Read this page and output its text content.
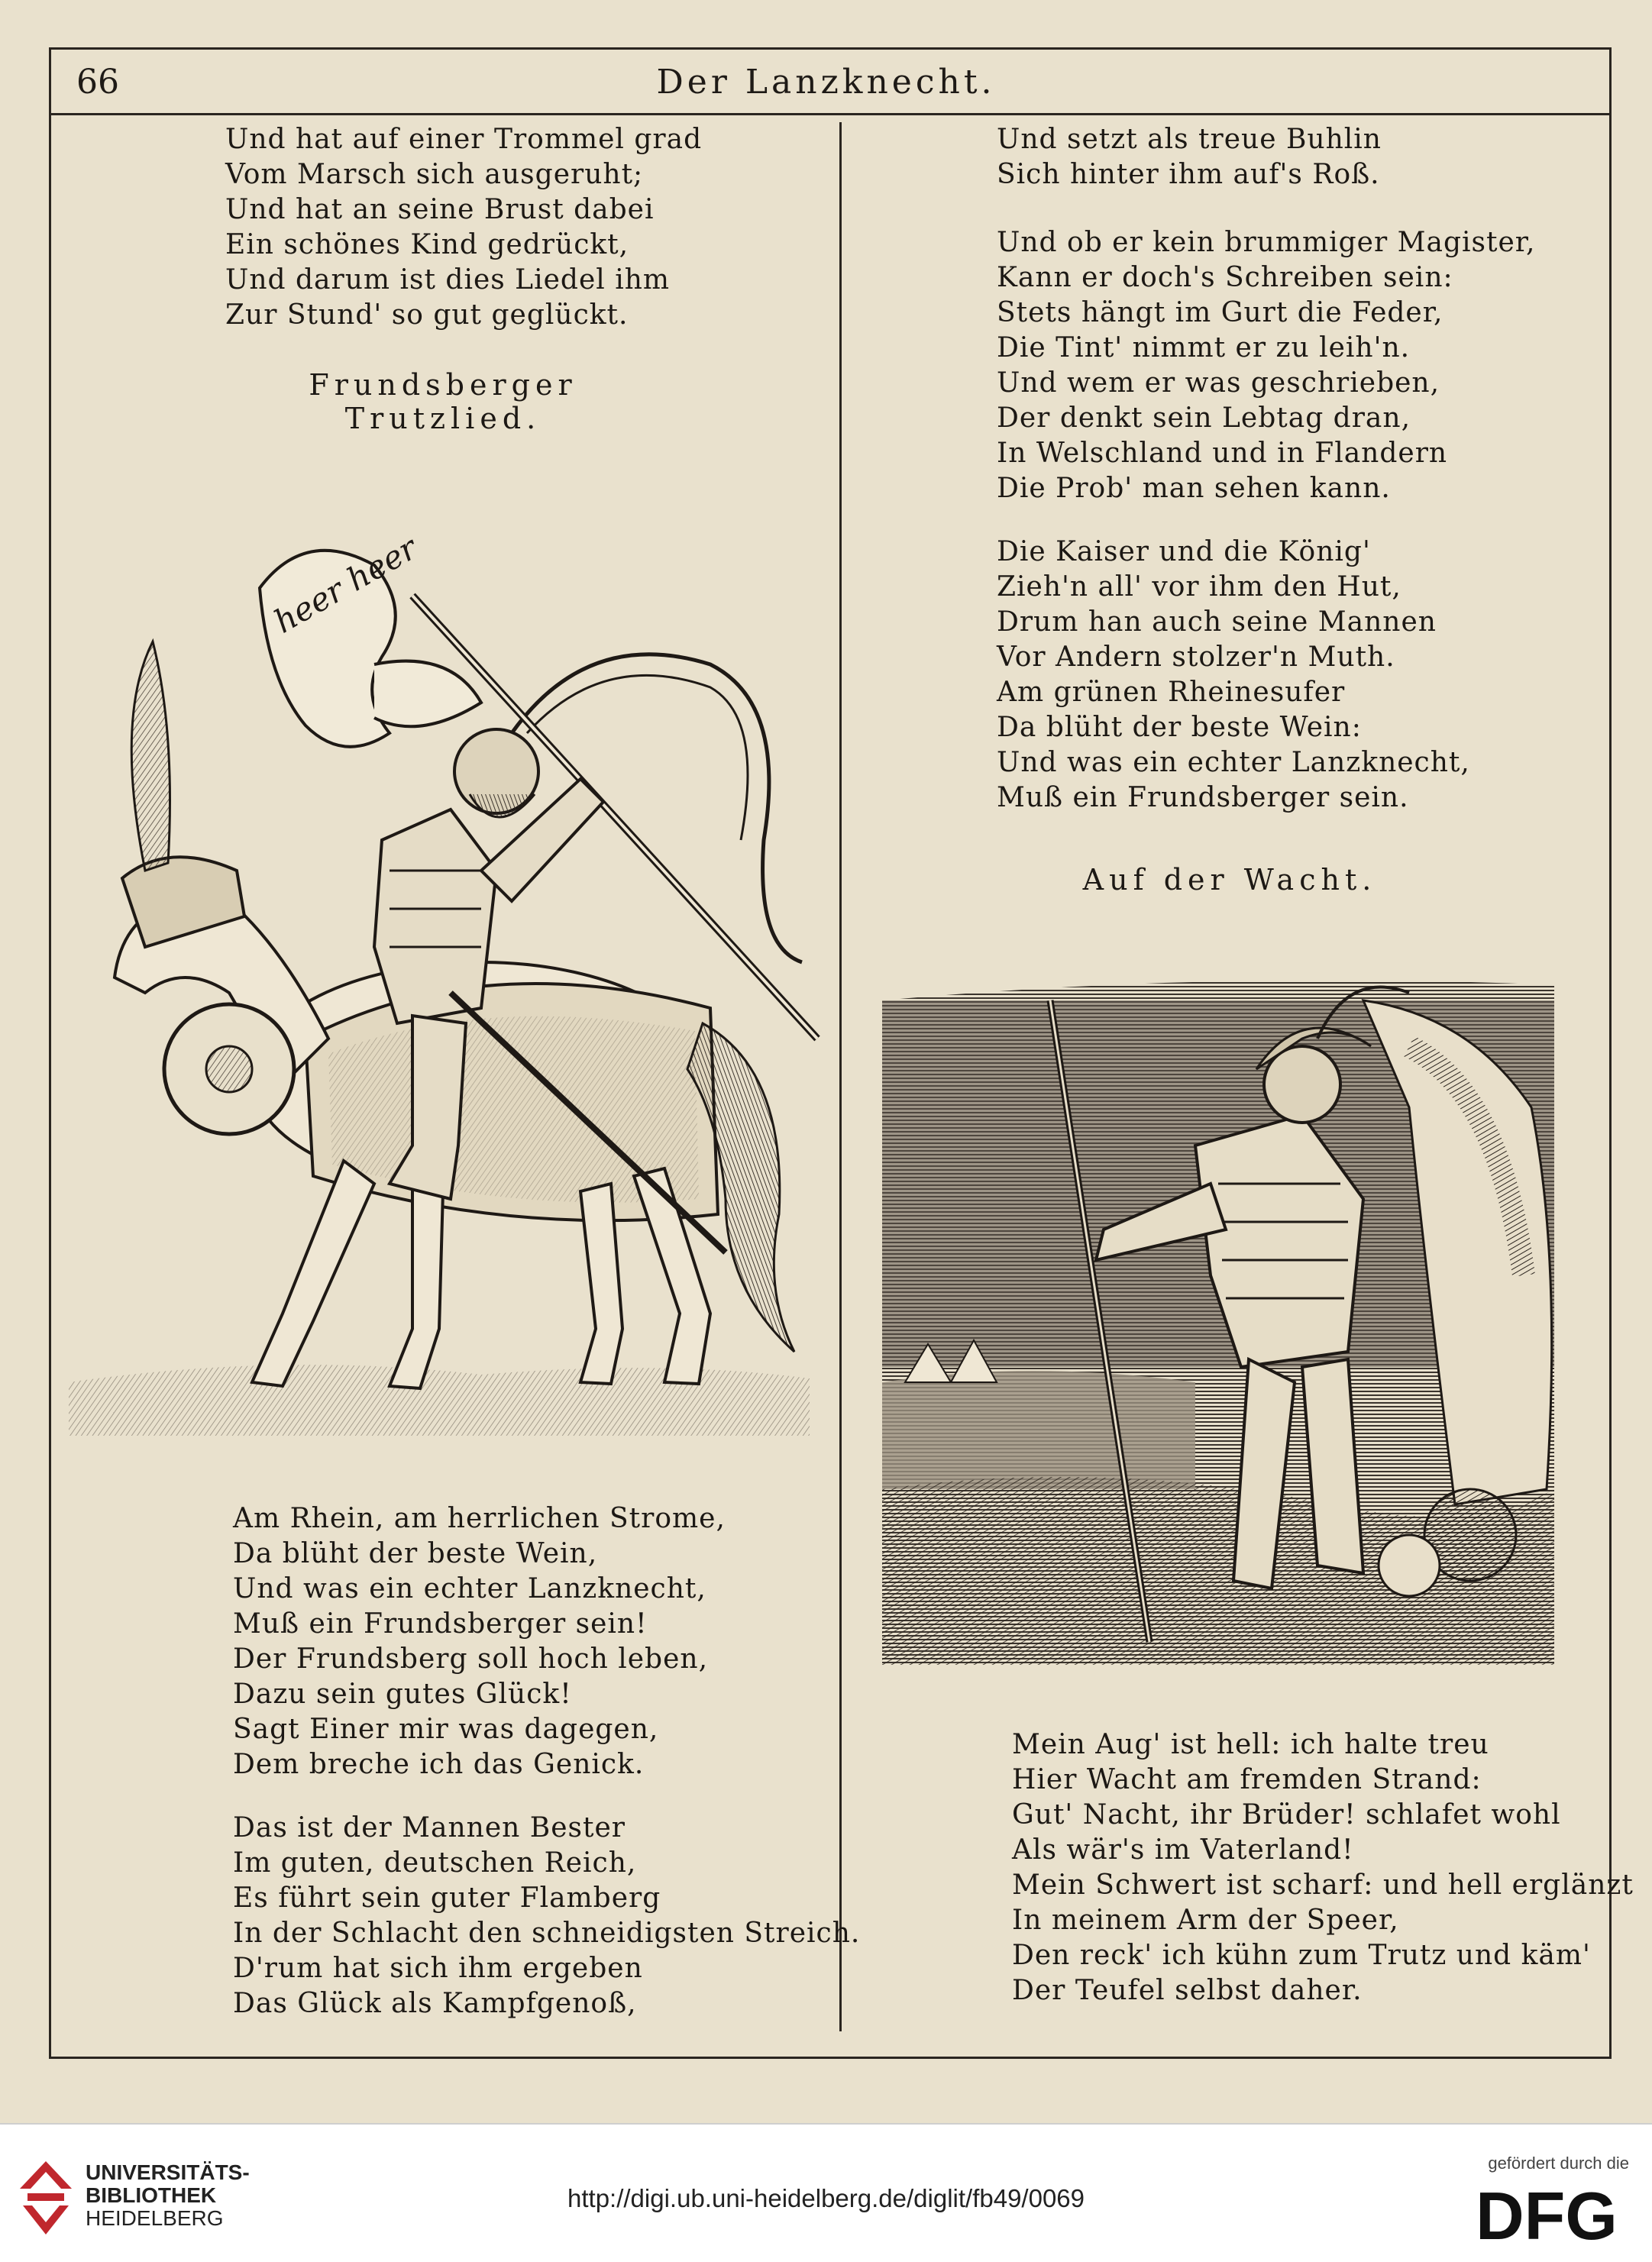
66	Der Lanzknecht.
Und hat auf einer Trommel grad
Vom Marsch sich ausgeruht;
Und hat an seine Brust dabei
Ein schönes Kind gedrückt,
Und darum ist dies Liedel ihm
Zur Stund' so gut geglückt.
Frundsberger Trutzlied.
heer heer
Am Rhein, am herrlichen Strome,
Da blüht der beste Wein,
Und was ein echter Lanzknecht,
Muß ein Frundsberger sein!
Der Frundsberg soll hoch leben,
Dazu sein gutes Glück!
Sagt Einer mir was dagegen,
Dem breche ich das Genick.
Das ist der Mannen Bester
Im guten, deutschen Reich,
Es führt sein guter Flamberg
In der Schlacht den schneidigsten Streich.
D'rum hat sich ihm ergeben
Das Glück als Kampfgenoß,
Und setzt als treue Buhlin
Sich hinter ihm auf's Roß.
Und ob er kein brummiger Magister,
Kann er doch's Schreiben sein:
Stets hängt im Gurt die Feder,
Die Tint' nimmt er zu leih'n.
Und wem er was geschrieben,
Der denkt sein Lebtag dran,
In Welschland und in Flandern
Die Prob' man sehen kann.
Die Kaiser und die König'
Zieh'n all' vor ihm den Hut,
Drum han auch seine Mannen
Vor Andern stolzer'n Muth.
Am grünen Rheinesufer
Da blüht der beste Wein:
Und was ein echter Lanzknecht,
Muß ein Frundsberger sein.
Auf der Wacht.
Mein Aug' ist hell: ich halte treu
Hier Wacht am fremden Strand:
Gut' Nacht, ihr Brüder! schlafet wohl
Als wär's im Vaterland!
Mein Schwert ist scharf: und hell erglänzt
In meinem Arm der Speer,
Den reck' ich kühn zum Trutz und käm'
Der Teufel selbst daher.
UNIVERSITÄTS-
BIBLIOTHEK
HEIDELBERG
http://digi.ub.uni-heidelberg.de/diglit/fb49/0069
gefördert durch die
DFG
